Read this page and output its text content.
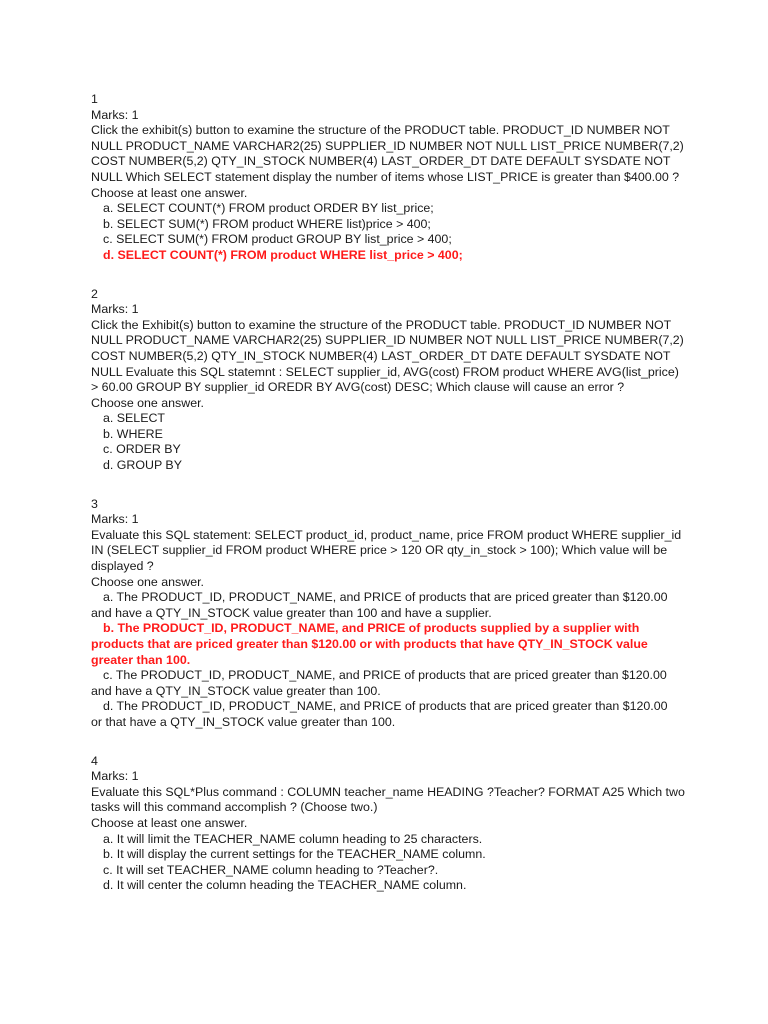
1
Marks: 1
Click the exhibit(s) button to examine the structure of the PRODUCT table. PRODUCT_ID NUMBER NOT NULL PRODUCT_NAME VARCHAR2(25) SUPPLIER_ID NUMBER NOT NULL LIST_PRICE NUMBER(7,2) COST NUMBER(5,2) QTY_IN_STOCK NUMBER(4) LAST_ORDER_DT DATE DEFAULT SYSDATE NOT NULL Which SELECT statement display the number of items whose LIST_PRICE is greater than $400.00 ?
Choose at least one answer.
a. SELECT COUNT(*) FROM product ORDER BY list_price;
b. SELECT SUM(*) FROM product WHERE list)price > 400;
c. SELECT SUM(*) FROM product GROUP BY list_price > 400;
d. SELECT COUNT(*) FROM product WHERE list_price > 400;
2
Marks: 1
Click the Exhibit(s) button to examine the structure of the PRODUCT table. PRODUCT_ID NUMBER NOT NULL PRODUCT_NAME VARCHAR2(25) SUPPLIER_ID NUMBER NOT NULL LIST_PRICE NUMBER(7,2) COST NUMBER(5,2) QTY_IN_STOCK NUMBER(4) LAST_ORDER_DT DATE DEFAULT SYSDATE NOT NULL Evaluate this SQL statemnt : SELECT supplier_id, AVG(cost) FROM product WHERE AVG(list_price) > 60.00 GROUP BY supplier_id OREDR BY AVG(cost) DESC; Which clause will cause an error ?
Choose one answer.
a. SELECT
b. WHERE
c. ORDER BY
d. GROUP BY
3
Marks: 1
Evaluate this SQL statement: SELECT product_id, product_name, price FROM product WHERE supplier_id IN (SELECT supplier_id FROM product WHERE price > 120 OR qty_in_stock > 100); Which value will be displayed ?
Choose one answer.
a. The PRODUCT_ID, PRODUCT_NAME, and PRICE of products that are priced greater than $120.00
and have a QTY_IN_STOCK value greater than 100 and have a supplier.
b. The PRODUCT_ID, PRODUCT_NAME, and PRICE of products supplied by a supplier with
products that are priced greater than $120.00 or with products that have QTY_IN_STOCK value
greater than 100.
c. The PRODUCT_ID, PRODUCT_NAME, and PRICE of products that are priced greater than $120.00
and have a QTY_IN_STOCK value greater than 100.
d. The PRODUCT_ID, PRODUCT_NAME, and PRICE of products that are priced greater than $120.00
or that have a QTY_IN_STOCK value greater than 100.
4
Marks: 1
Evaluate this SQL*Plus command : COLUMN teacher_name HEADING ?Teacher? FORMAT A25 Which two tasks will this command accomplish ? (Choose two.)
Choose at least one answer.
a. It will limit the TEACHER_NAME column heading to 25 characters.
b. It will display the current settings for the TEACHER_NAME column.
c. It will set TEACHER_NAME column heading to ?Teacher?.
d. It will center the column heading the TEACHER_NAME column.
